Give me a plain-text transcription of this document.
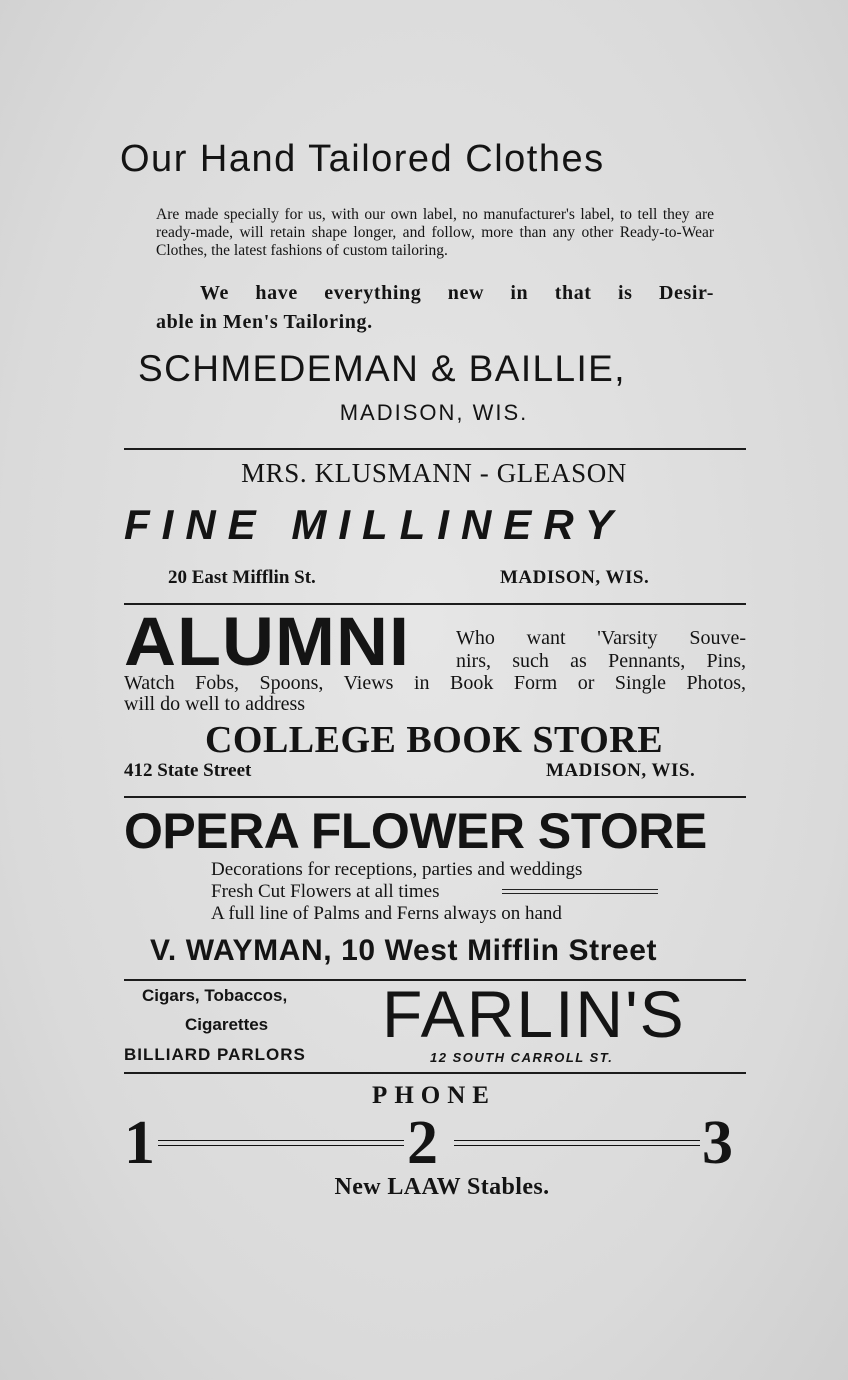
Our Hand Tailored Clothes
Are made specially for us, with our own label, no manufacturer's label, to tell they are ready-made, will retain shape longer, and follow, more than any other Ready-to-Wear Clothes, the latest fashions of custom tailoring.
We have everything new in that is Desir-
able in Men's Tailoring.
SCHMEDEMAN & BAILLIE,
MADISON, WIS.
MRS. KLUSMANN - GLEASON
FINE MILLINERY
20 East Mifflin St.	MADISON, WIS.
ALUMNI Who want 'Varsity Souve-
nirs, such as Pennants, Pins,
Watch Fobs, Spoons, Views in Book Form or Single Photos,
will do well to address
COLLEGE BOOK STORE
412 State Street	MADISON, WIS.
OPERA FLOWER STORE
Decorations for receptions, parties and weddings
Fresh Cut Flowers at all times
A full line of Palms and Ferns always on hand
V. WAYMAN, 10 West Mifflin Street
Cigars, Tobaccos,
Cigarettes
BILLIARD PARLORS
FARLIN'S
12 SOUTH CARROLL ST.
PHONE
1	2	3
New LAAW Stables.
